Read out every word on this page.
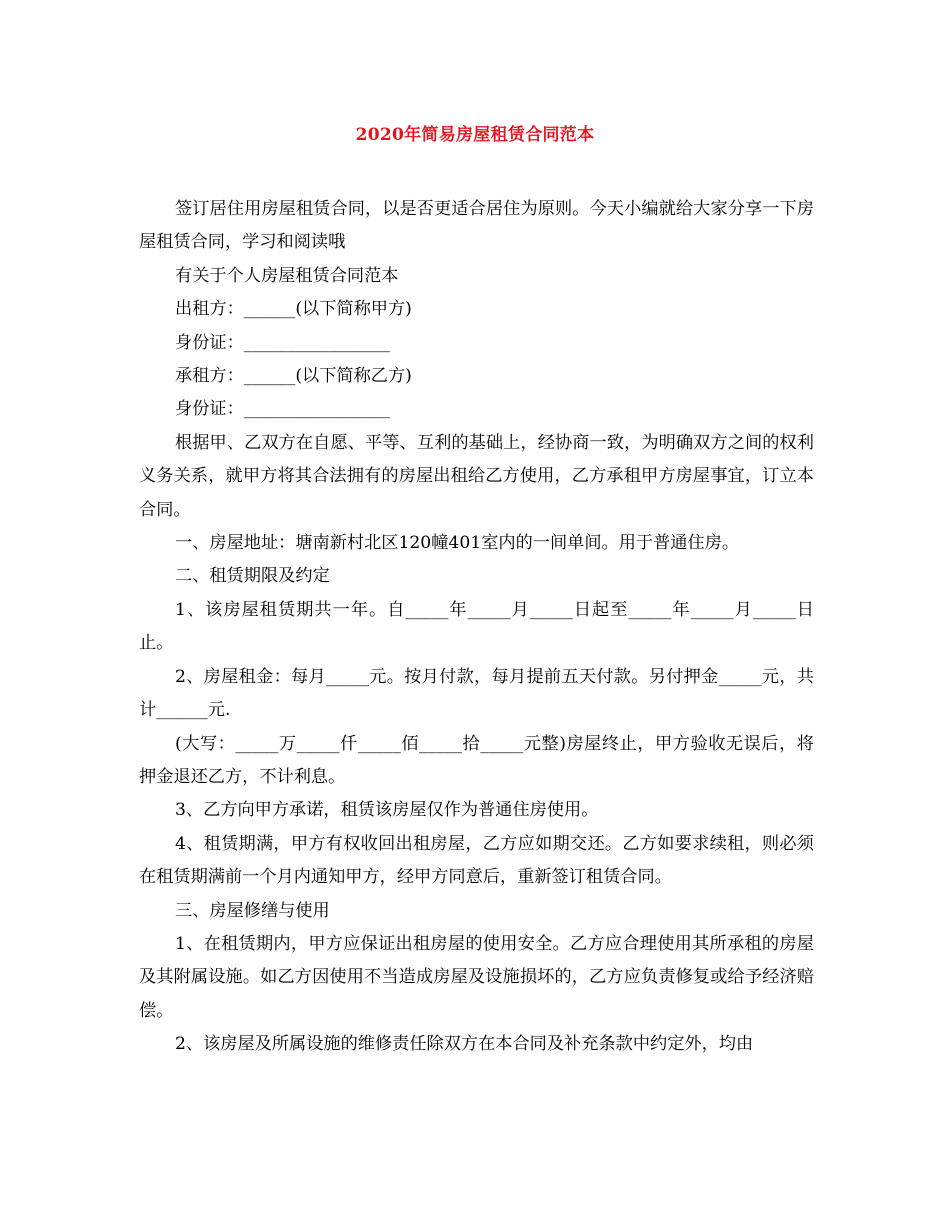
2020年简易房屋租赁合同范本

签订居住用房屋租赁合同，以是否更适合居住为原则。今天小编就给大家分享一下房屋租赁合同，学习和阅读哦

有关于个人房屋租赁合同范本

出租方：______(以下简称甲方)

身份证：_________________

承租方：______(以下简称乙方)

身份证：_________________

根据甲、乙双方在自愿、平等、互利的基础上，经协商一致，为明确双方之间的权利义务关系，就甲方将其合法拥有的房屋出租给乙方使用，乙方承租甲方房屋事宜，订立本合同。

一、房屋地址：塘南新村北区120幢401室内的一间单间。用于普通住房。

二、租赁期限及约定

1、该房屋租赁期共一年。自_____年_____月_____日起至_____年_____月_____日止。

2、房屋租金：每月_____元。按月付款，每月提前五天付款。另付押金_____元，共计______元.

(大写：_____万_____仟_____佰_____拾_____元整)房屋终止，甲方验收无误后，将押金退还乙方，不计利息。

3、乙方向甲方承诺，租赁该房屋仅作为普通住房使用。

4、租赁期满，甲方有权收回出租房屋，乙方应如期交还。乙方如要求续租，则必须在租赁期满前一个月内通知甲方，经甲方同意后，重新签订租赁合同。

三、房屋修缮与使用

1、在租赁期内，甲方应保证出租房屋的使用安全。乙方应合理使用其所承租的房屋及其附属设施。如乙方因使用不当造成房屋及设施损坏的，乙方应负责修复或给予经济赔偿。

2、该房屋及所属设施的维修责任除双方在本合同及补充条款中约定外，均由
